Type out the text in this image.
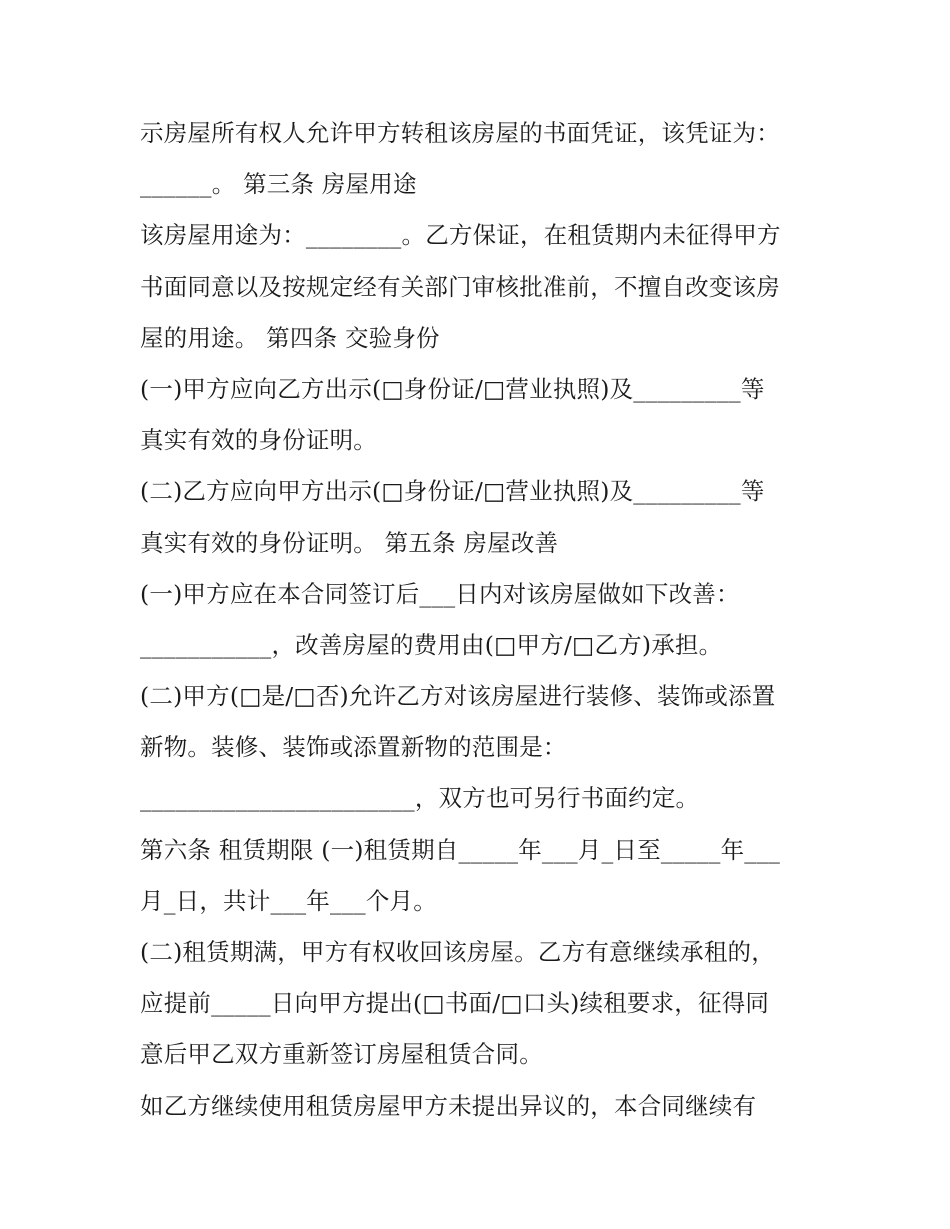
示房屋所有权人允许甲方转租该房屋的书面凭证，该凭证为：
______。 第三条 房屋用途
该房屋用途为：________。乙方保证，在租赁期内未征得甲方
书面同意以及按规定经有关部门审核批准前，不擅自改变该房
屋的用途。 第四条 交验身份
(一)甲方应向乙方出示(□身份证/□营业执照)及_________等
真实有效的身份证明。
(二)乙方应向甲方出示(□身份证/□营业执照)及_________等
真实有效的身份证明。 第五条 房屋改善
(一)甲方应在本合同签订后___日内对该房屋做如下改善：
___________，改善房屋的费用由(□甲方/□乙方)承担。
(二)甲方(□是/□否)允许乙方对该房屋进行装修、装饰或添置
新物。装修、装饰或添置新物的范围是：
_______________________，双方也可另行书面约定。
第六条 租赁期限 (一)租赁期自_____年___月_日至_____年___
月_日，共计___年___个月。
(二)租赁期满，甲方有权收回该房屋。乙方有意继续承租的，
应提前_____日向甲方提出(□书面/□口头)续租要求，征得同
意后甲乙双方重新签订房屋租赁合同。
如乙方继续使用租赁房屋甲方未提出异议的，本合同继续有
